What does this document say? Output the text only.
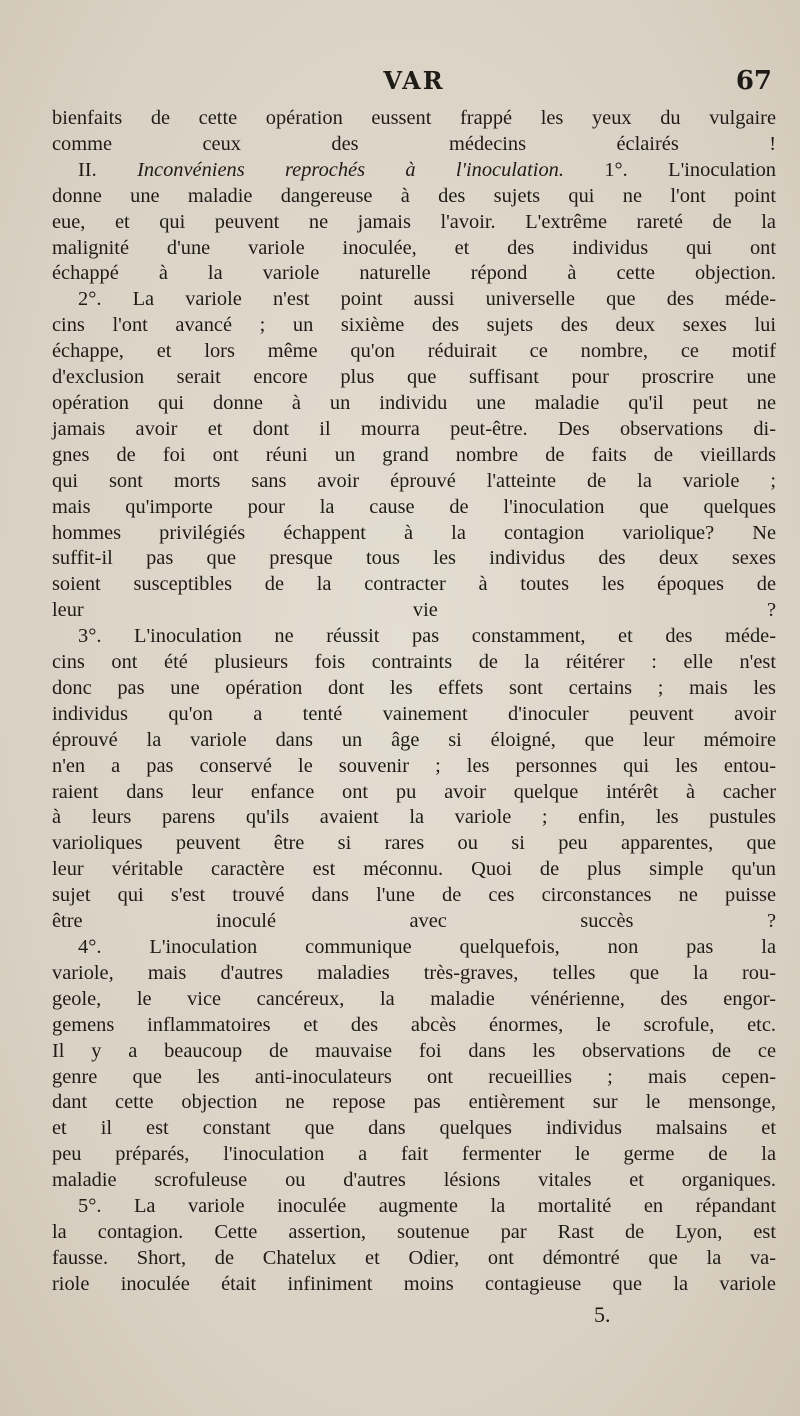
VAR	67

bienfaits de cette opération eussent frappé les yeux du vulgaire
comme ceux des médecins éclairés !

II. Inconvéniens reprochés à l'inoculation. 1°. L'inoculation
donne une maladie dangereuse à des sujets qui ne l'ont point
eue, et qui peuvent ne jamais l'avoir. L'extrême rareté de la
malignité d'une variole inoculée, et des individus qui ont
échappé à la variole naturelle répond à cette objection.

2°. La variole n'est point aussi universelle que des méde-
cins l'ont avancé ; un sixième des sujets des deux sexes lui
échappe, et lors même qu'on réduirait ce nombre, ce motif
d'exclusion serait encore plus que suffisant pour proscrire une
opération qui donne à un individu une maladie qu'il peut ne
jamais avoir et dont il mourra peut-être. Des observations di-
gnes de foi ont réuni un grand nombre de faits de vieillards
qui sont morts sans avoir éprouvé l'atteinte de la variole ;
mais qu'importe pour la cause de l'inoculation que quelques
hommes privilégiés échappent à la contagion variolique? Ne
suffit-il pas que presque tous les individus des deux sexes
soient susceptibles de la contracter à toutes les époques de
leur vie ?

3°. L'inoculation ne réussit pas constamment, et des méde-
cins ont été plusieurs fois contraints de la réitérer : elle n'est
donc pas une opération dont les effets sont certains ; mais les
individus qu'on a tenté vainement d'inoculer peuvent avoir
éprouvé la variole dans un âge si éloigné, que leur mémoire
n'en a pas conservé le souvenir ; les personnes qui les entou-
raient dans leur enfance ont pu avoir quelque intérêt à cacher
à leurs parens qu'ils avaient la variole ; enfin, les pustules
varioliques peuvent être si rares ou si peu apparentes, que
leur véritable caractère est méconnu. Quoi de plus simple qu'un
sujet qui s'est trouvé dans l'une de ces circonstances ne puisse
être inoculé avec succès ?

4°. L'inoculation communique quelquefois, non pas la
variole, mais d'autres maladies très-graves, telles que la rou-
geole, le vice cancéreux, la maladie vénérienne, des engor-
gemens inflammatoires et des abcès énormes, le scrofule, etc.
Il y a beaucoup de mauvaise foi dans les observations de ce
genre que les anti-inoculateurs ont recueillies ; mais cepen-
dant cette objection ne repose pas entièrement sur le mensonge,
et il est constant que dans quelques individus malsains et
peu préparés, l'inoculation a fait fermenter le germe de la
maladie scrofuleuse ou d'autres lésions vitales et organiques.

5°. La variole inoculée augmente la mortalité en répandant
la contagion. Cette assertion, soutenue par Rast de Lyon, est
fausse. Short, de Chatelux et Odier, ont démontré que la va-
riole inoculée était infiniment moins contagieuse que la variole

5.
